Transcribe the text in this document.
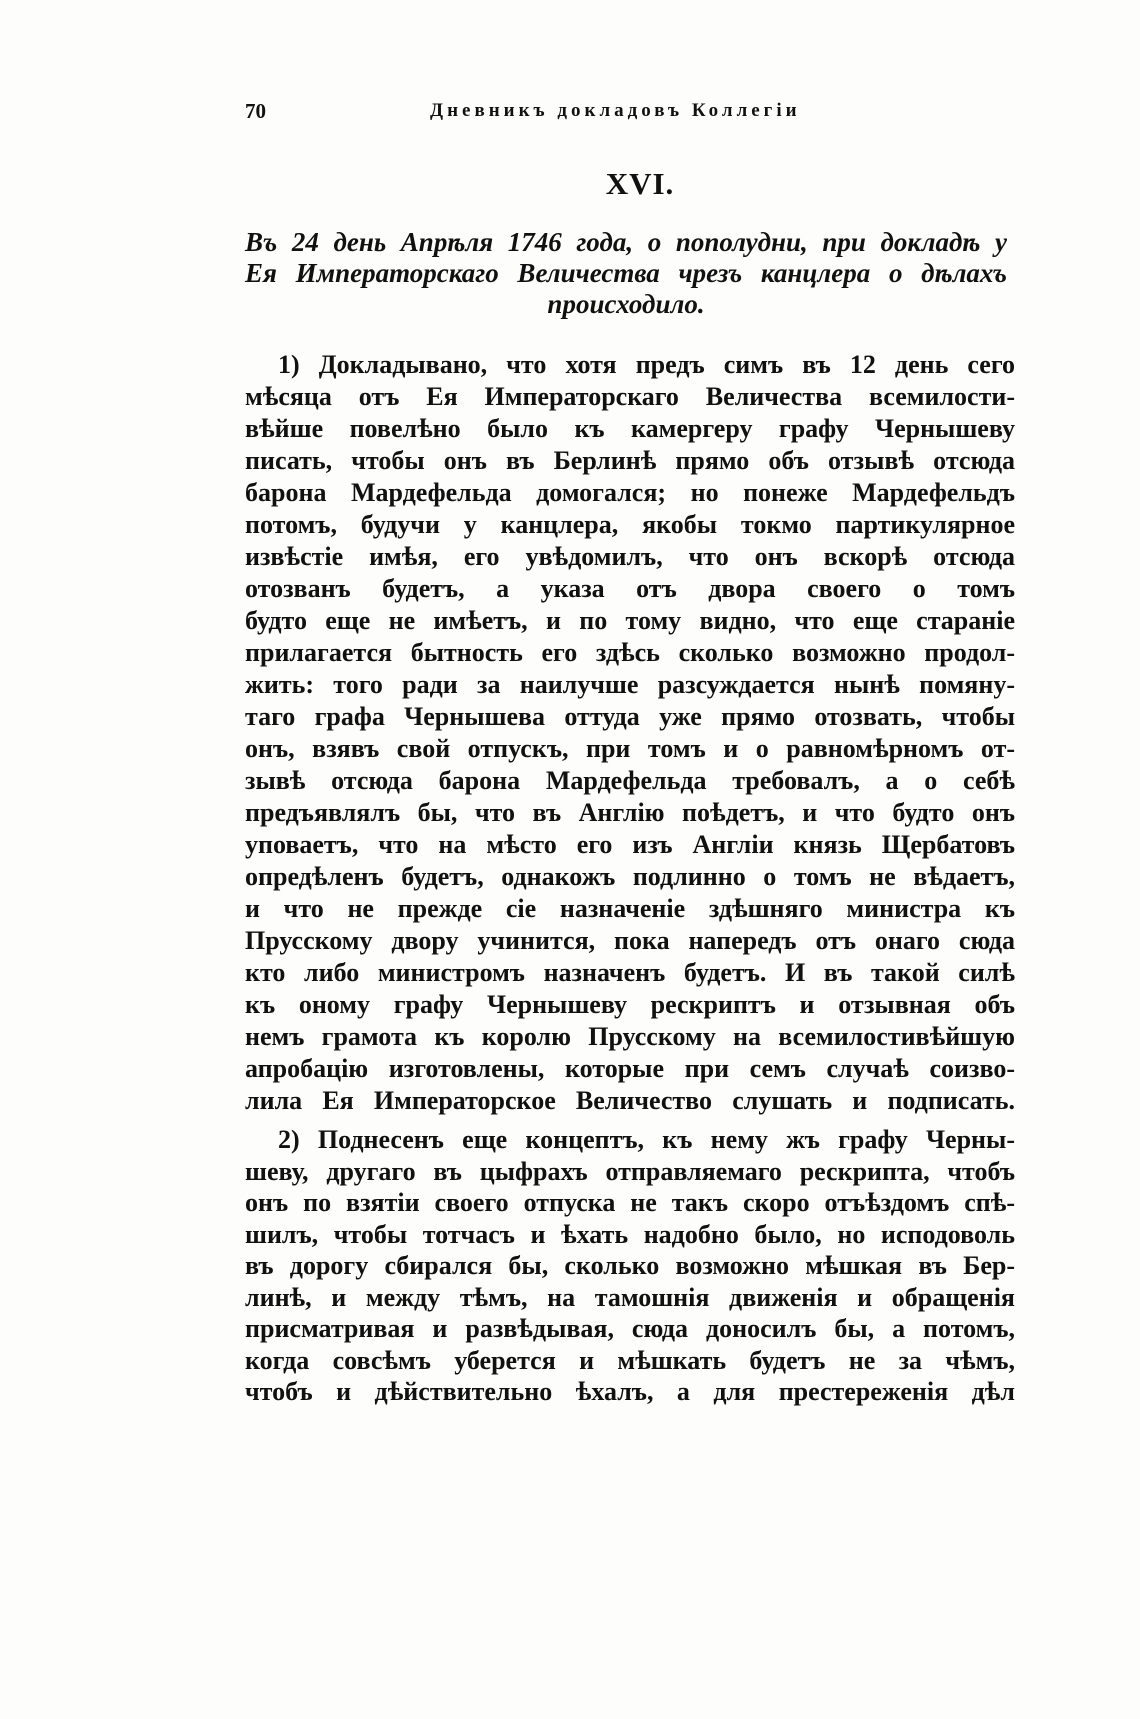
70	Дневникъ докладовъ Коллегіи
XVI.
Въ 24 день Апрѣля 1746 года, о пополудни, при докладѣ у
Ея Императорскаго Величества чрезъ канцлера о дѣлахъ
происходило.
1) Докладывано, что хотя предъ симъ въ 12 день сего
мѣсяца отъ Ея Императорскаго Величества всемилости-
вѣйше повелѣно было къ камергеру графу Чернышеву
писать, чтобы онъ въ Берлинѣ прямо объ отзывѣ отсюда
барона Мардефельда домогался; но понеже Мардефельдъ
потомъ, будучи у канцлера, якобы токмо партикулярное
извѣстіе имѣя, его увѣдомилъ, что онъ вскорѣ отсюда
отозванъ будетъ, а указа отъ двора своего о томъ
будто еще не имѣетъ, и по тому видно, что еще стараніе
прилагается бытность его здѣсь сколько возможно продол-
жить: того ради за наилучше разсуждается нынѣ помяну-
таго графа Чернышева оттуда уже прямо отозвать, чтобы
онъ, взявъ свой отпускъ, при томъ и о равномѣрномъ от-
зывѣ отсюда барона Мардефельда требовалъ, а о себѣ
предъявлялъ бы, что въ Англію поѣдетъ, и что будто онъ
уповаетъ, что на мѣсто его изъ Англіи князь Щербатовъ
опредѣленъ будетъ, однакожъ подлинно о томъ не вѣдаетъ,
и что не прежде сіе назначеніе здѣшняго министра къ
Прусскому двору учинится, пока напередъ отъ онаго сюда
кто либо министромъ назначенъ будетъ. И въ такой силѣ
къ оному графу Чернышеву рескриптъ и отзывная объ
немъ грамота къ королю Прусскому на всемилостивѣйшую
апробацію изготовлены, которые при семъ случаѣ соизво-
лила Ея Императорское Величество слушать и подписать.
2) Поднесенъ еще концептъ, къ нему жъ графу Черны-
шеву, другаго въ цыфрахъ отправляемаго рескрипта, чтобъ
онъ по взятіи своего отпуска не такъ скоро отъѣздомъ спѣ-
шилъ, чтобы тотчасъ и ѣхать надобно было, но исподоволь
въ дорогу сбирался бы, сколько возможно мѣшкая въ Бер-
линѣ, и между тѣмъ, на тамошнія движенія и обращенія
присматривая и развѣдывая, сюда доносилъ бы, а потомъ,
когда совсѣмъ уберется и мѣшкать будетъ не за чѣмъ,
чтобъ и дѣйствительно ѣхалъ, а для престереженія дѣл
